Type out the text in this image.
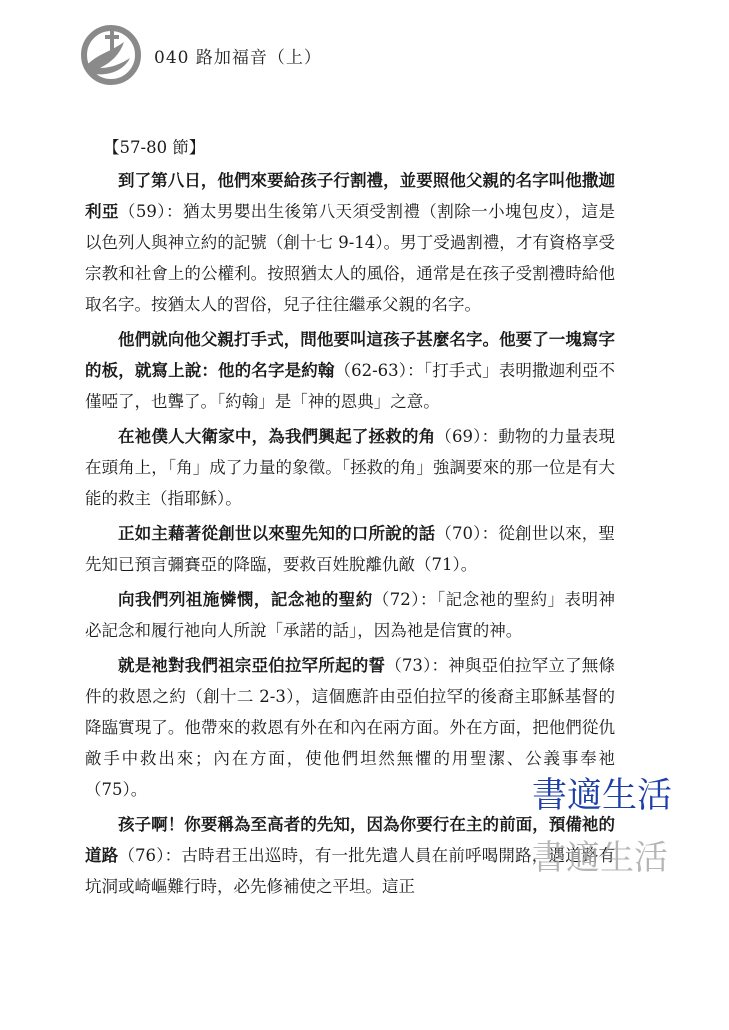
040 路加福音（上）
【57-80 節】

到了第八日，他們來要給孩子行割禮，並要照他父親的名字叫他撒迦利亞（59）：猶太男嬰出生後第八天須受割禮（割除一小塊包皮），這是以色列人與神立約的記號（創十七 9-14）。男丁受過割禮，才有資格享受宗教和社會上的公權利。按照猶太人的風俗，通常是在孩子受割禮時給他取名字。按猶太人的習俗，兒子往往繼承父親的名字。

他們就向他父親打手式，問他要叫這孩子甚麼名字。他要了一塊寫字的板，就寫上說：他的名字是約翰（62-63）：「打手式」表明撒迦利亞不僅啞了，也聾了。「約翰」是「神的恩典」之意。

在祂僕人大衛家中，為我們興起了拯救的角（69）：動物的力量表現在頭角上，「角」成了力量的象徵。「拯救的角」強調要來的那一位是有大能的救主（指耶穌）。

正如主藉著從創世以來聖先知的口所說的話（70）：從創世以來，聖先知已預言彌賽亞的降臨，要救百姓脫離仇敵（71）。

向我們列祖施憐憫，記念祂的聖約（72）：「記念祂的聖約」表明神必記念和履行祂向人所說「承諾的話」，因為祂是信實的神。

就是祂對我們祖宗亞伯拉罕所起的誓（73）：神與亞伯拉罕立了無條件的救恩之約（創十二 2-3），這個應許由亞伯拉罕的後裔主耶穌基督的降臨實現了。他帶來的救恩有外在和內在兩方面。外在方面，把他們從仇敵手中救出來；內在方面，使他們坦然無懼的用聖潔、公義事奉祂（75）。

孩子啊！你要稱為至高者的先知，因為你要行在主的前面，預備祂的道路（76）：古時君王出巡時，有一批先遣人員在前呼喝開路，遇道路有坑洞或崎嶇難行時，必先修補使之平坦。這正

書適生活
書適生活
